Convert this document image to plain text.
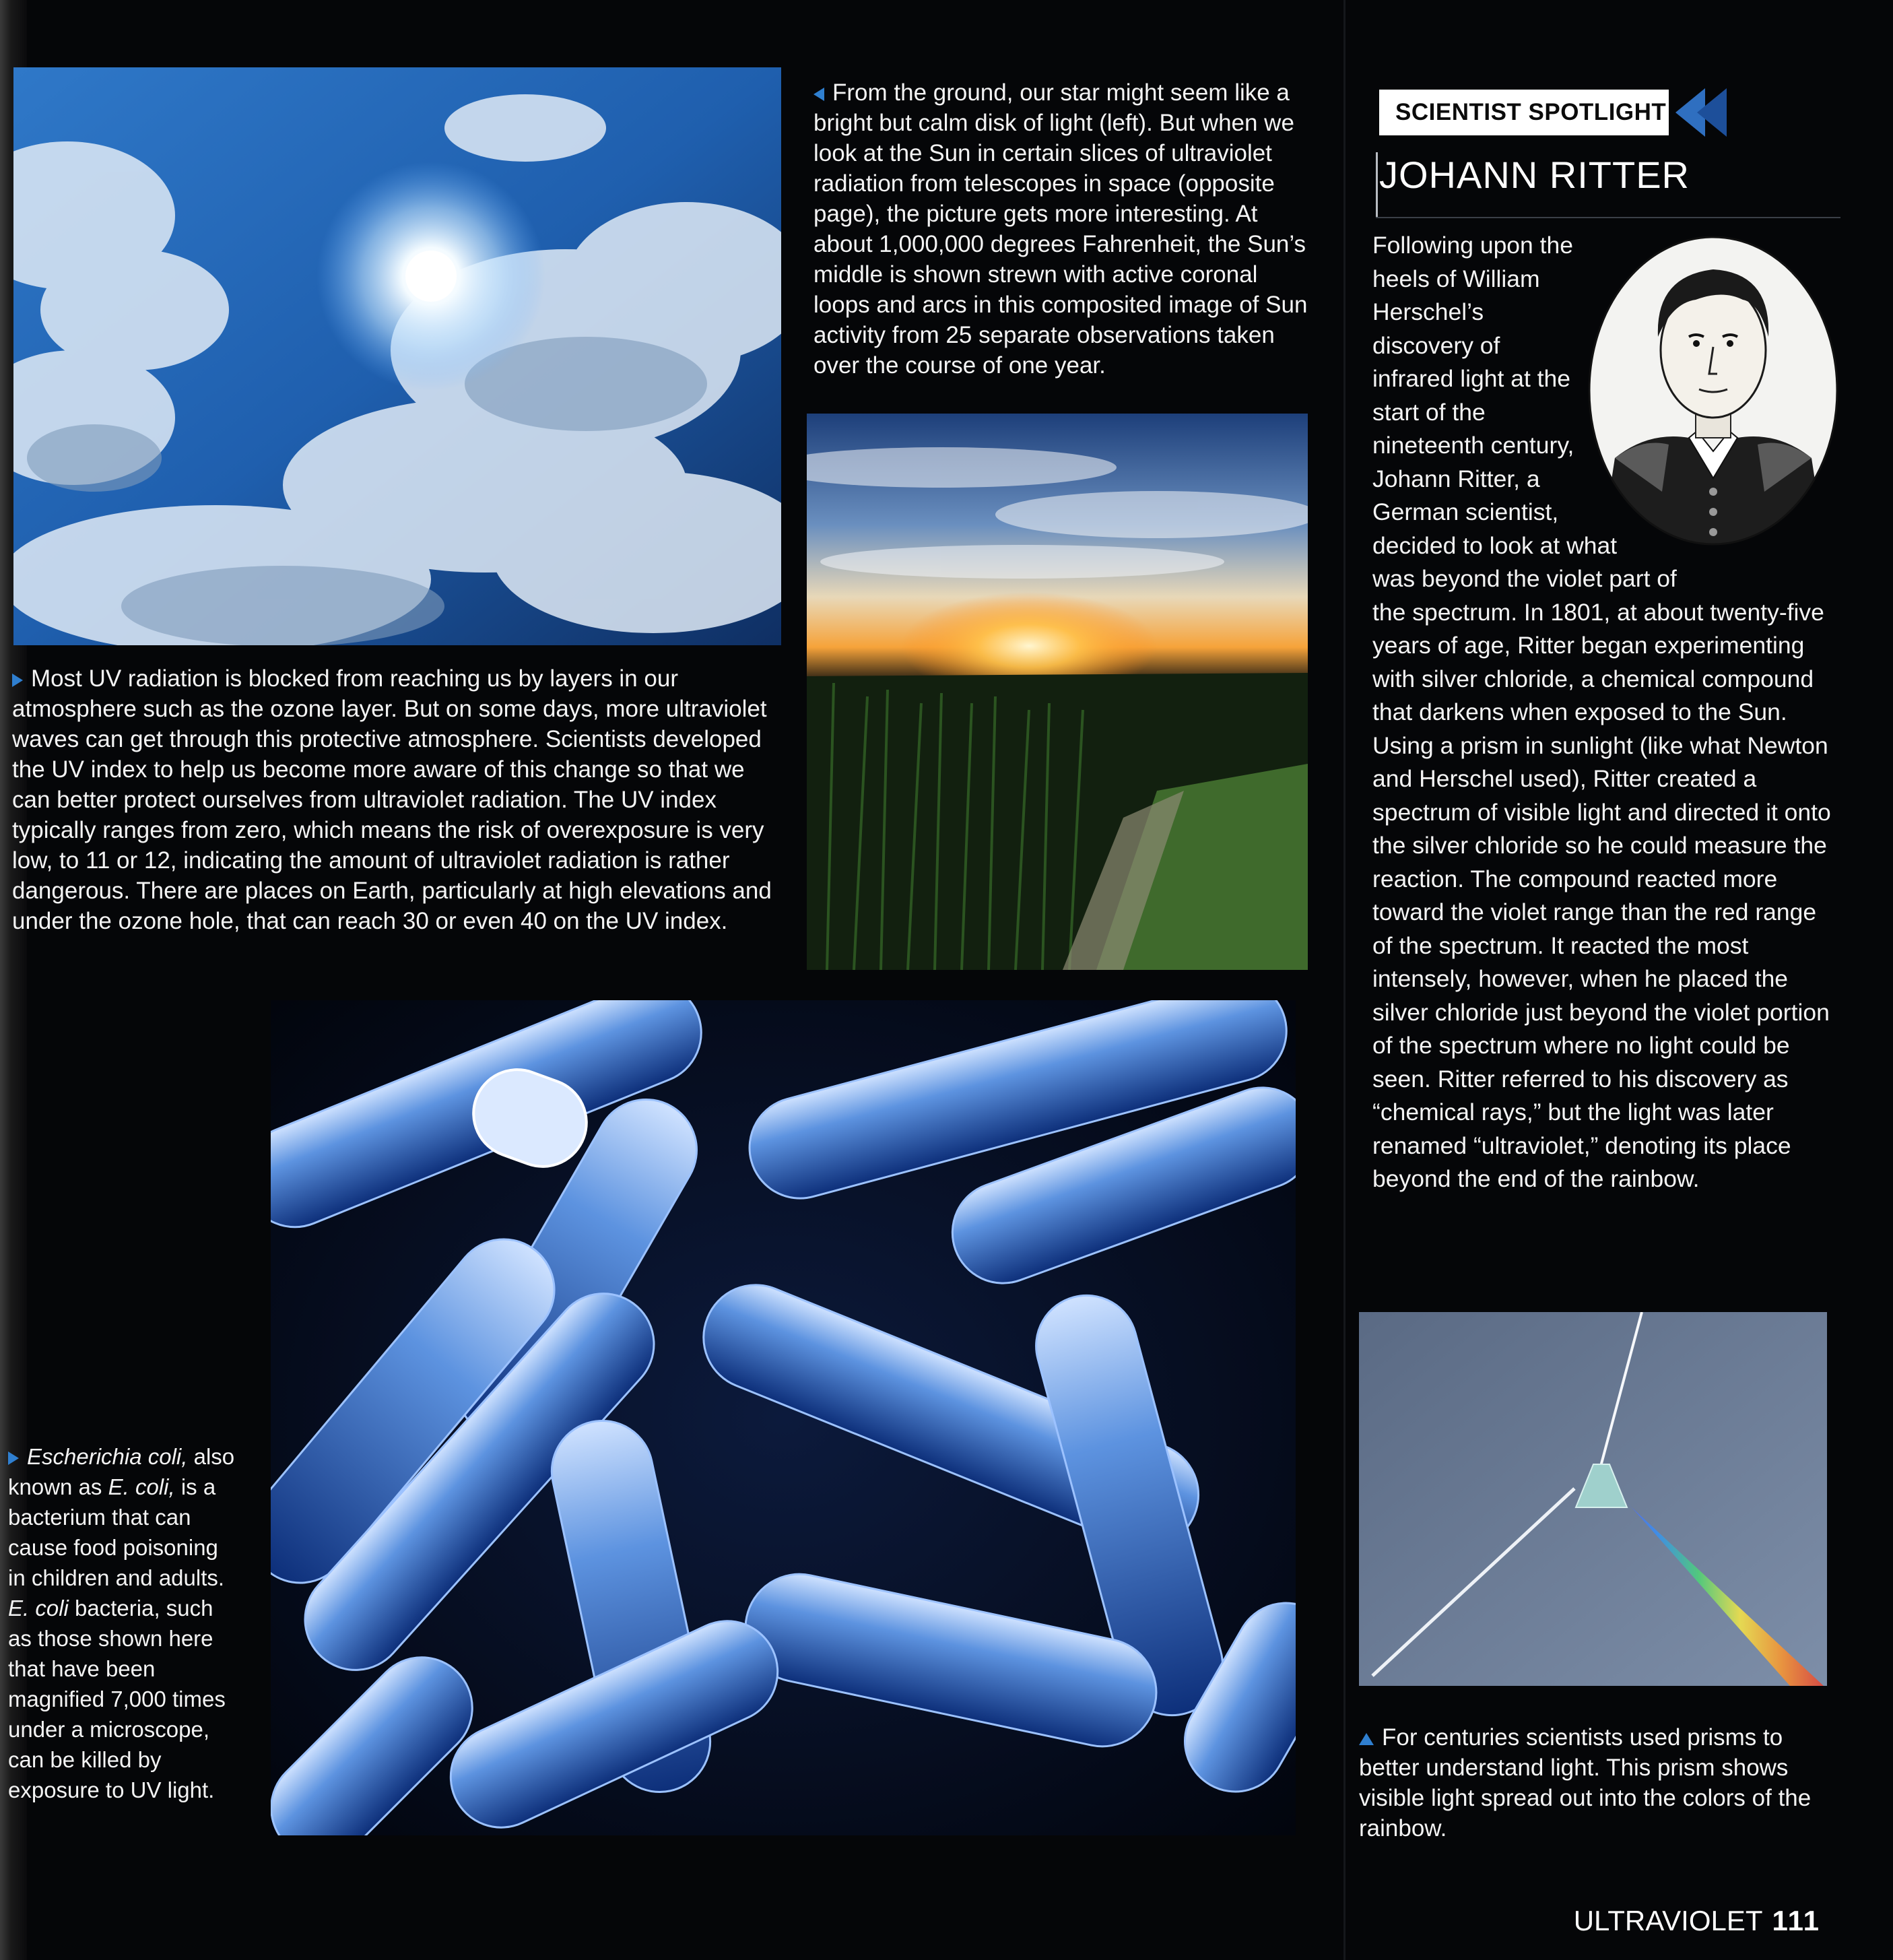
From the ground, our star might seem like a bright but calm disk of light (left). But when we look at the Sun in certain slices of ultraviolet radiation from telescopes in space (opposite page), the picture gets more interesting. At about 1,000,000 degrees Fahrenheit, the Sun’s middle is shown strewn with active coronal loops and arcs in this composited image of Sun activity from 25 separate observations taken over the course of one year.

Most UV radiation is blocked from reaching us by layers in our atmosphere such as the ozone layer. But on some days, more ultraviolet waves can get through this protective atmosphere. Scientists developed the UV index to help us become more aware of this change so that we can better protect ourselves from ultraviolet radiation. The UV index typically ranges from zero, which means the risk of overexposure is very low, to 11 or 12, indicating the amount of ultraviolet radiation is rather dangerous. There are places on Earth, particularly at high elevations and under the ozone hole, that can reach 30 or even 40 on the UV index.

Escherichia coli, also known as E. coli, is a bacterium that can cause food poisoning in children and adults. E. coli bacteria, such as those shown here that have been magnified 7,000 times under a microscope, can be killed by exposure to UV light.

SCIENTIST SPOTLIGHT
JOHANN RITTER

Following upon the heels of William Herschel’s discovery of infrared light at the start of the nineteenth century, Johann Ritter, a German scientist, decided to look at what was beyond the violet part of the spectrum. In 1801, at about twenty-five years of age, Ritter began experimenting with silver chloride, a chemical compound that darkens when exposed to the Sun. Using a prism in sunlight (like what Newton and Herschel used), Ritter created a spectrum of visible light and directed it onto the silver chloride so he could measure the reaction. The compound reacted more toward the violet range than the red range of the spectrum. It reacted the most intensely, however, when he placed the silver chloride just beyond the violet portion of the spectrum where no light could be seen. Ritter referred to his discovery as “chemical rays,” but the light was later renamed “ultraviolet,” denoting its place beyond the end of the rainbow.

For centuries scientists used prisms to better understand light. This prism shows visible light spread out into the colors of the rainbow.

ULTRAVIOLET 111
